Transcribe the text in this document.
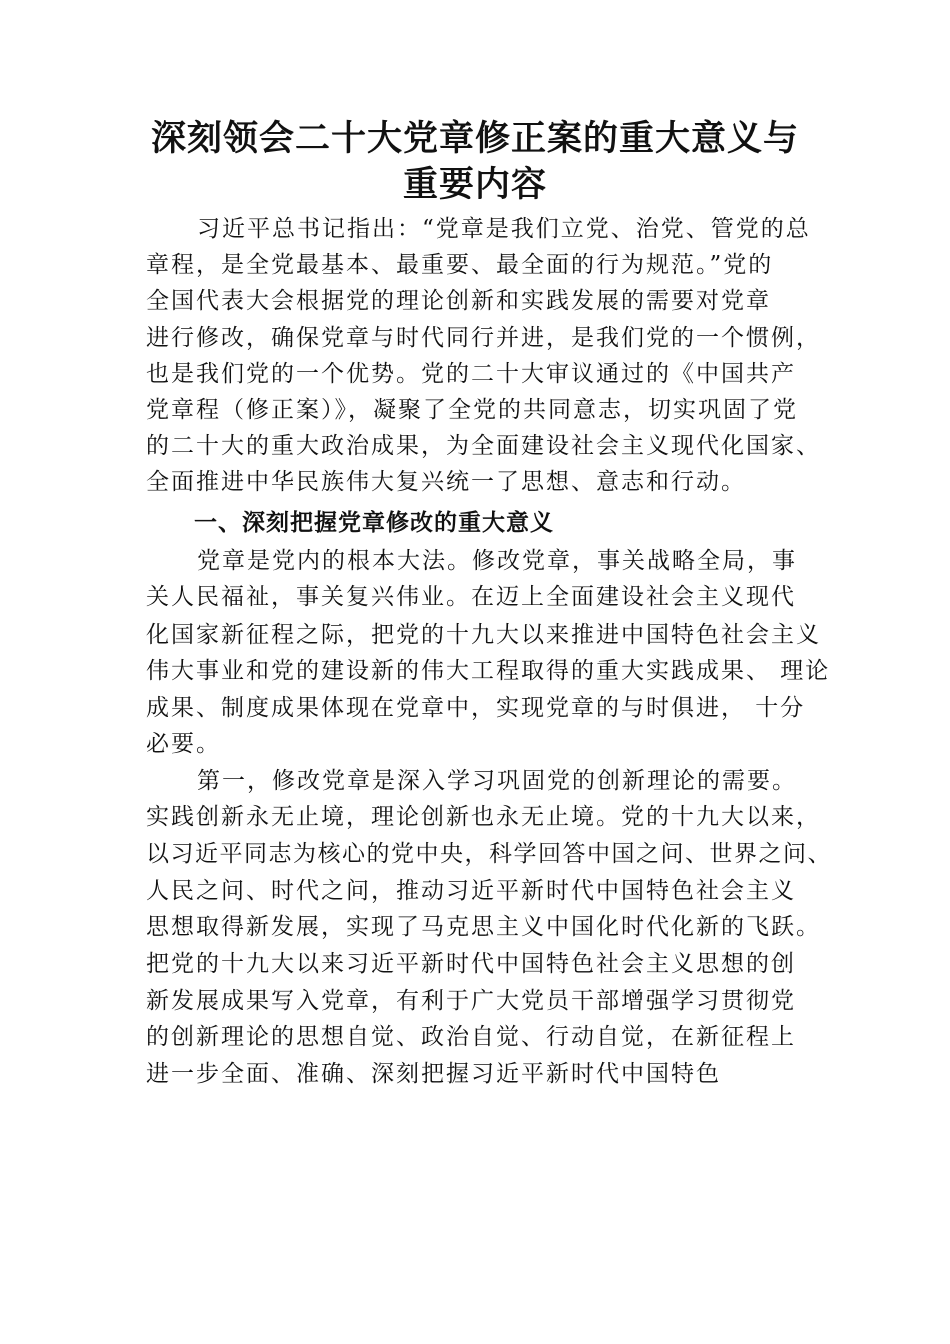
深刻领会二十大党章修正案的重大意义与
重要内容
习近平总书记指出：“党章是我们立党、治党、管党的总
章程，是全党最基本、最重要、最全面的行为规范。”党的
全国代表大会根据党的理论创新和实践发展的需要对党章
进行修改，确保党章与时代同行并进，是我们党的一个惯例，
也是我们党的一个优势。党的二十大审议通过的《中国共产
党章程（修正案）》，凝聚了全党的共同意志，切实巩固了党
的二十大的重大政治成果，为全面建设社会主义现代化国家、
全面推进中华民族伟大复兴统一了思想、意志和行动。
一、深刻把握党章修改的重大意义
党章是党内的根本大法。修改党章，事关战略全局，事
关人民福祉，事关复兴伟业。在迈上全面建设社会主义现代
化国家新征程之际，把党的十九大以来推进中国特色社会主义
伟大事业和党的建设新的伟大工程取得的重大实践成果、 理论
成果、制度成果体现在党章中，实现党章的与时俱进， 十分
必要。
第一，修改党章是深入学习巩固党的创新理论的需要。
实践创新永无止境，理论创新也永无止境。党的十九大以来，
以习近平同志为核心的党中央，科学回答中国之问、世界之问、
人民之问、时代之问，推动习近平新时代中国特色社会主义
思想取得新发展，实现了马克思主义中国化时代化新的飞跃。
把党的十九大以来习近平新时代中国特色社会主义思想的创
新发展成果写入党章，有利于广大党员干部增强学习贯彻党
的创新理论的思想自觉、政治自觉、行动自觉，在新征程上
进一步全面、准确、深刻把握习近平新时代中国特色
